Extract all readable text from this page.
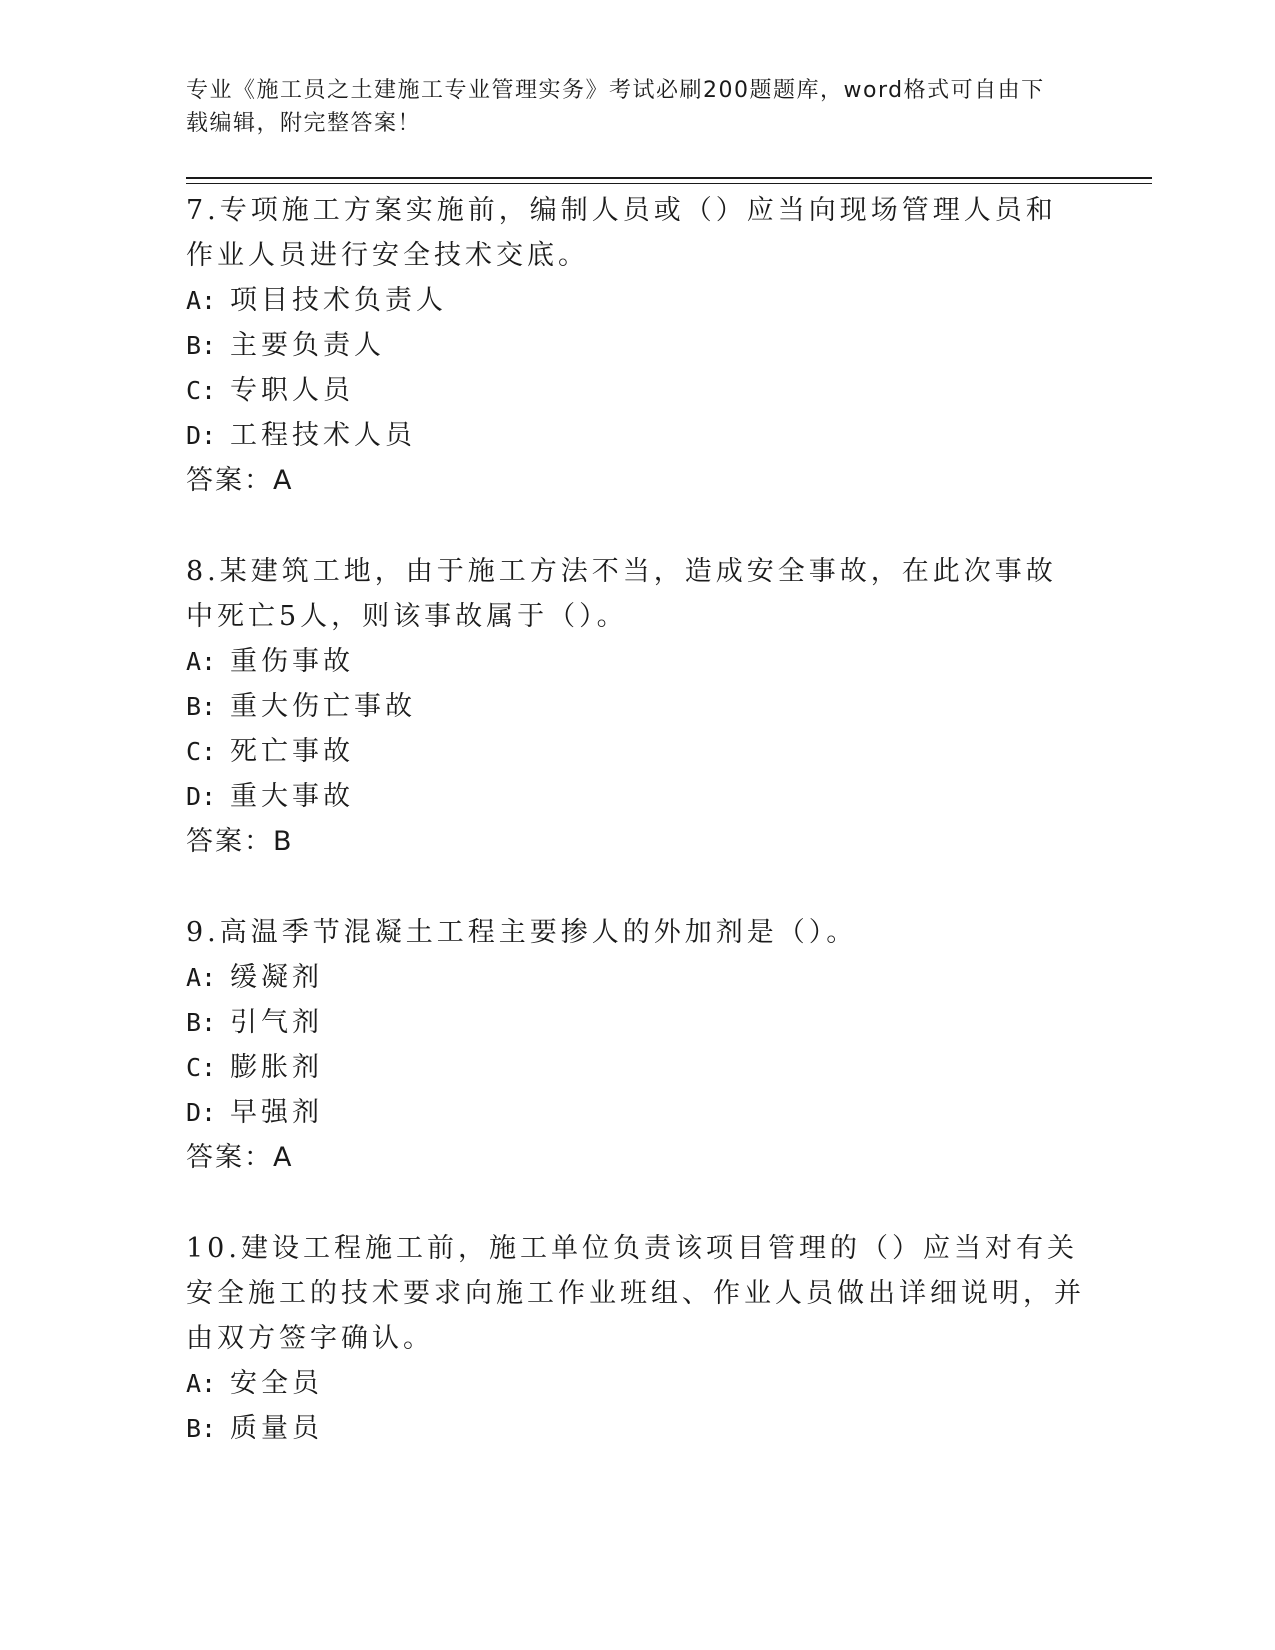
专业《施工员之土建施工专业管理实务》考试必刷200题题库，word格式可自由下载编辑，附完整答案！

7.专项施工方案实施前，编制人员或（）应当向现场管理人员和作业人员进行安全技术交底。

A: 项目技术负责人
B: 主要负责人
C: 专职人员
D: 工程技术人员

答案：A

8.某建筑工地，由于施工方法不当，造成安全事故，在此次事故中死亡5人，则该事故属于（）。

A: 重伤事故
B: 重大伤亡事故
C: 死亡事故
D: 重大事故

答案：B

9.高温季节混凝土工程主要掺人的外加剂是（）。

A: 缓凝剂
B: 引气剂
C: 膨胀剂
D: 早强剂

答案：A

10.建设工程施工前，施工单位负责该项目管理的（）应当对有关安全施工的技术要求向施工作业班组、作业人员做出详细说明，并由双方签字确认。

A: 安全员
B: 质量员
